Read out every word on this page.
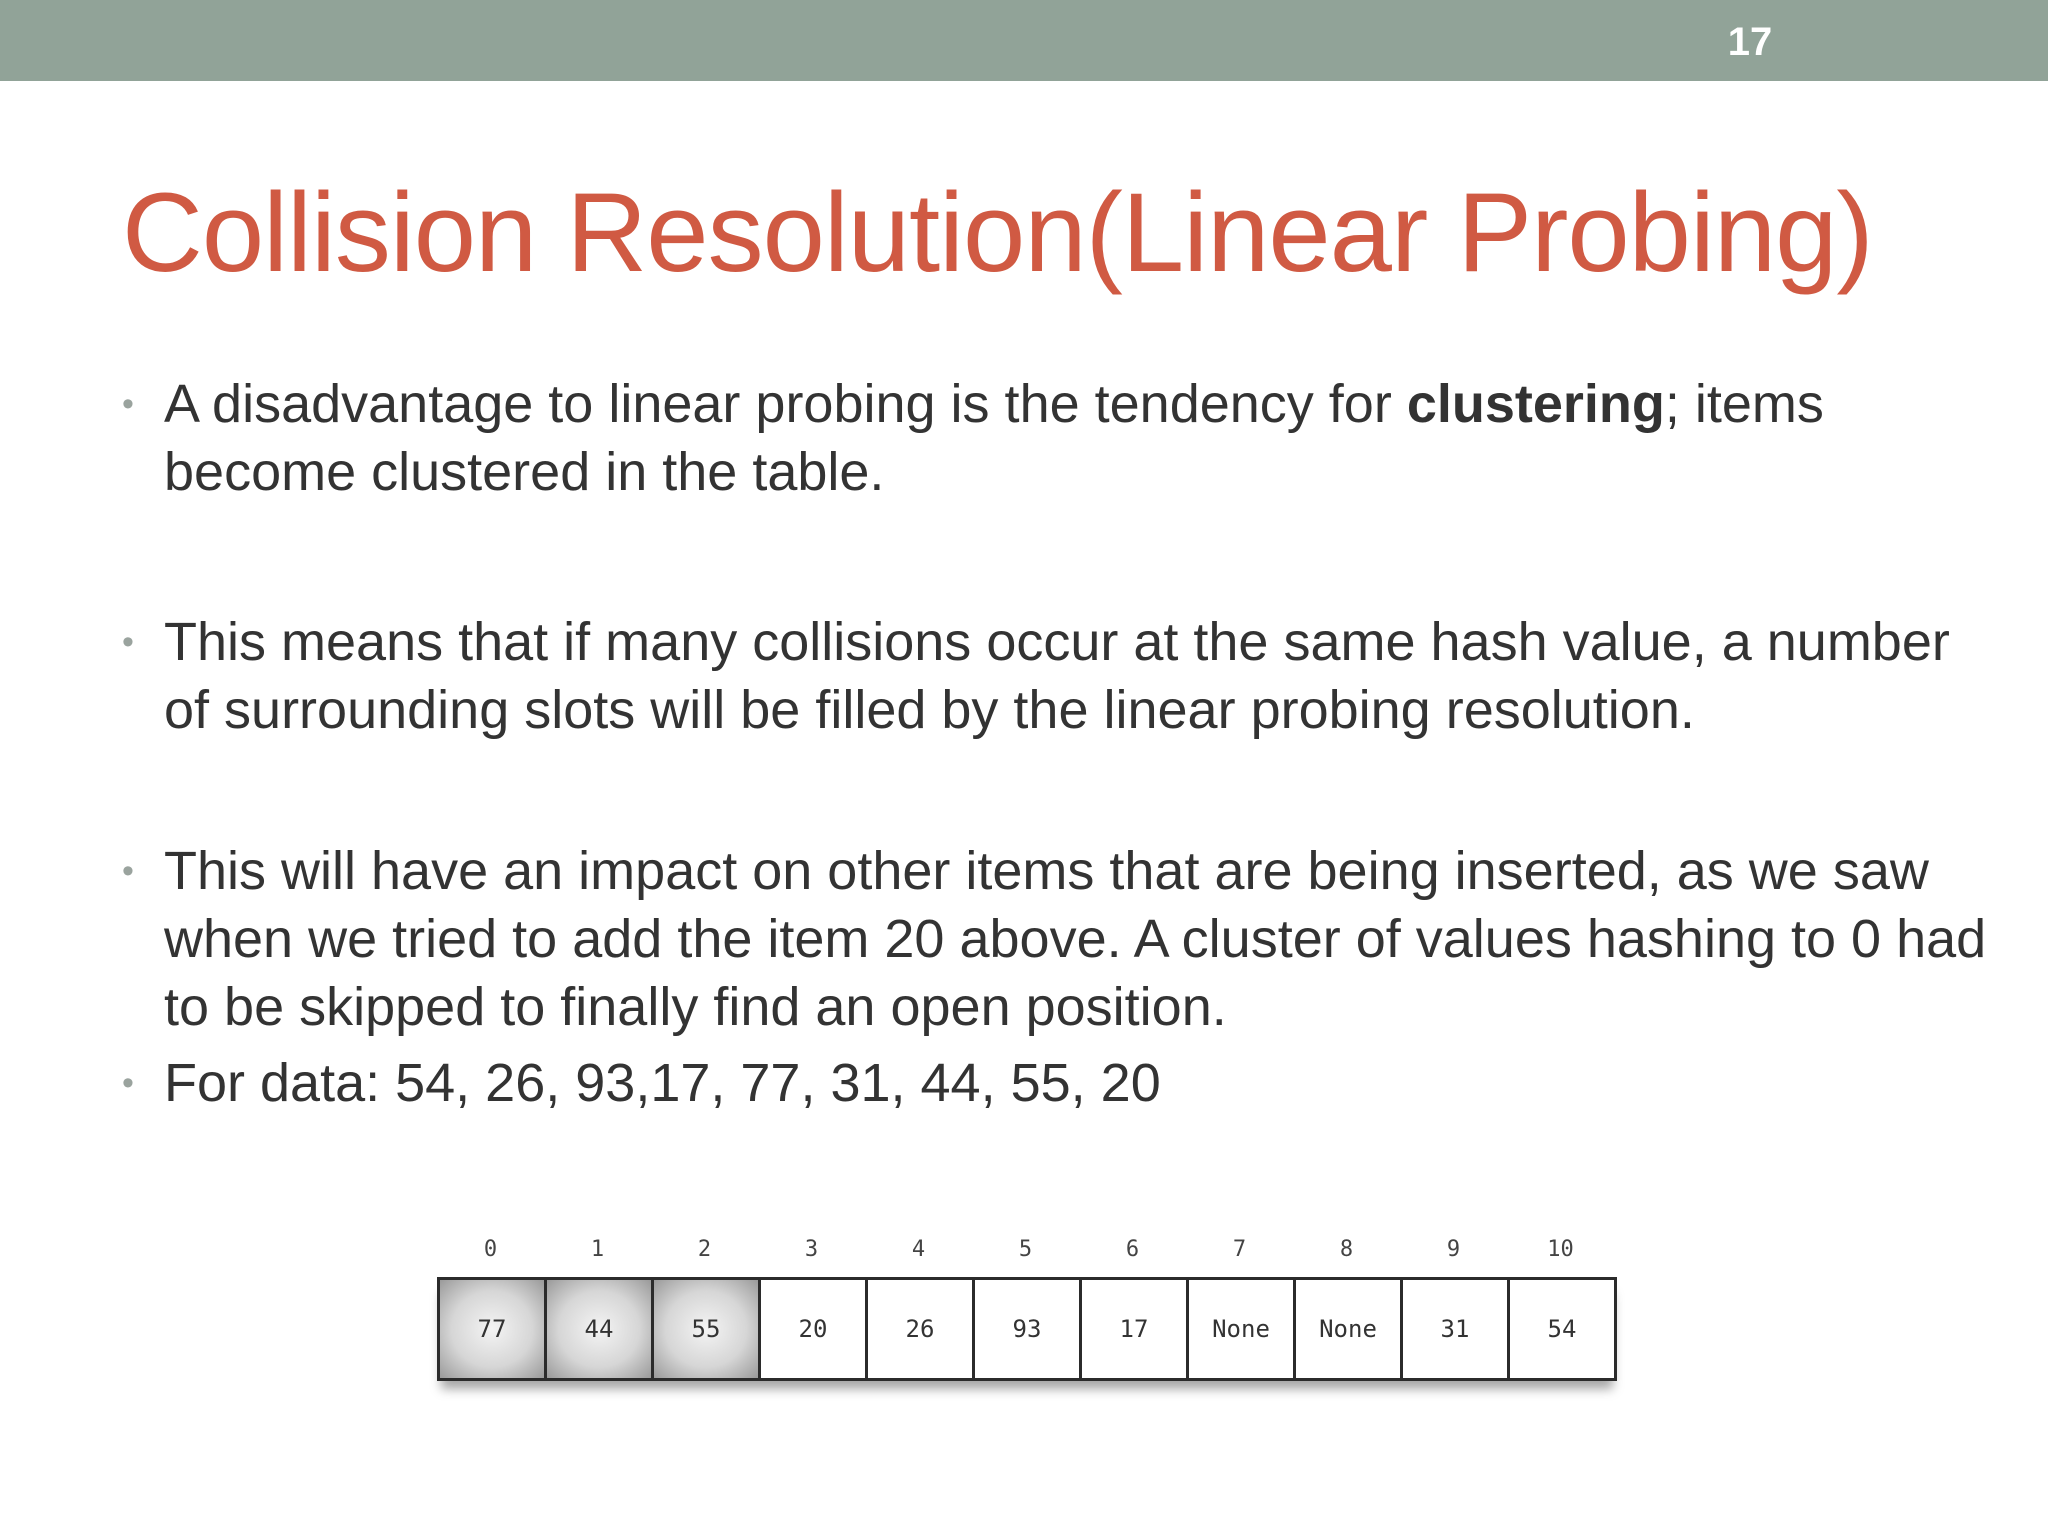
17
Collision Resolution(Linear Probing)
• A disadvantage to linear probing is the tendency for clustering; items become clustered in the table.
• This means that if many collisions occur at the same hash value, a number of surrounding slots will be filled by the linear probing resolution.
• This will have an impact on other items that are being inserted, as we saw when we tried to add the item 20 above. A cluster of values hashing to 0 had to be skipped to finally find an open position.
• For data: 54, 26, 93,17, 77, 31, 44, 55, 20
0	1	2	3	4	5	6	7	8	9	10
77	44	55	20	26	93	17	None	None	31	54
